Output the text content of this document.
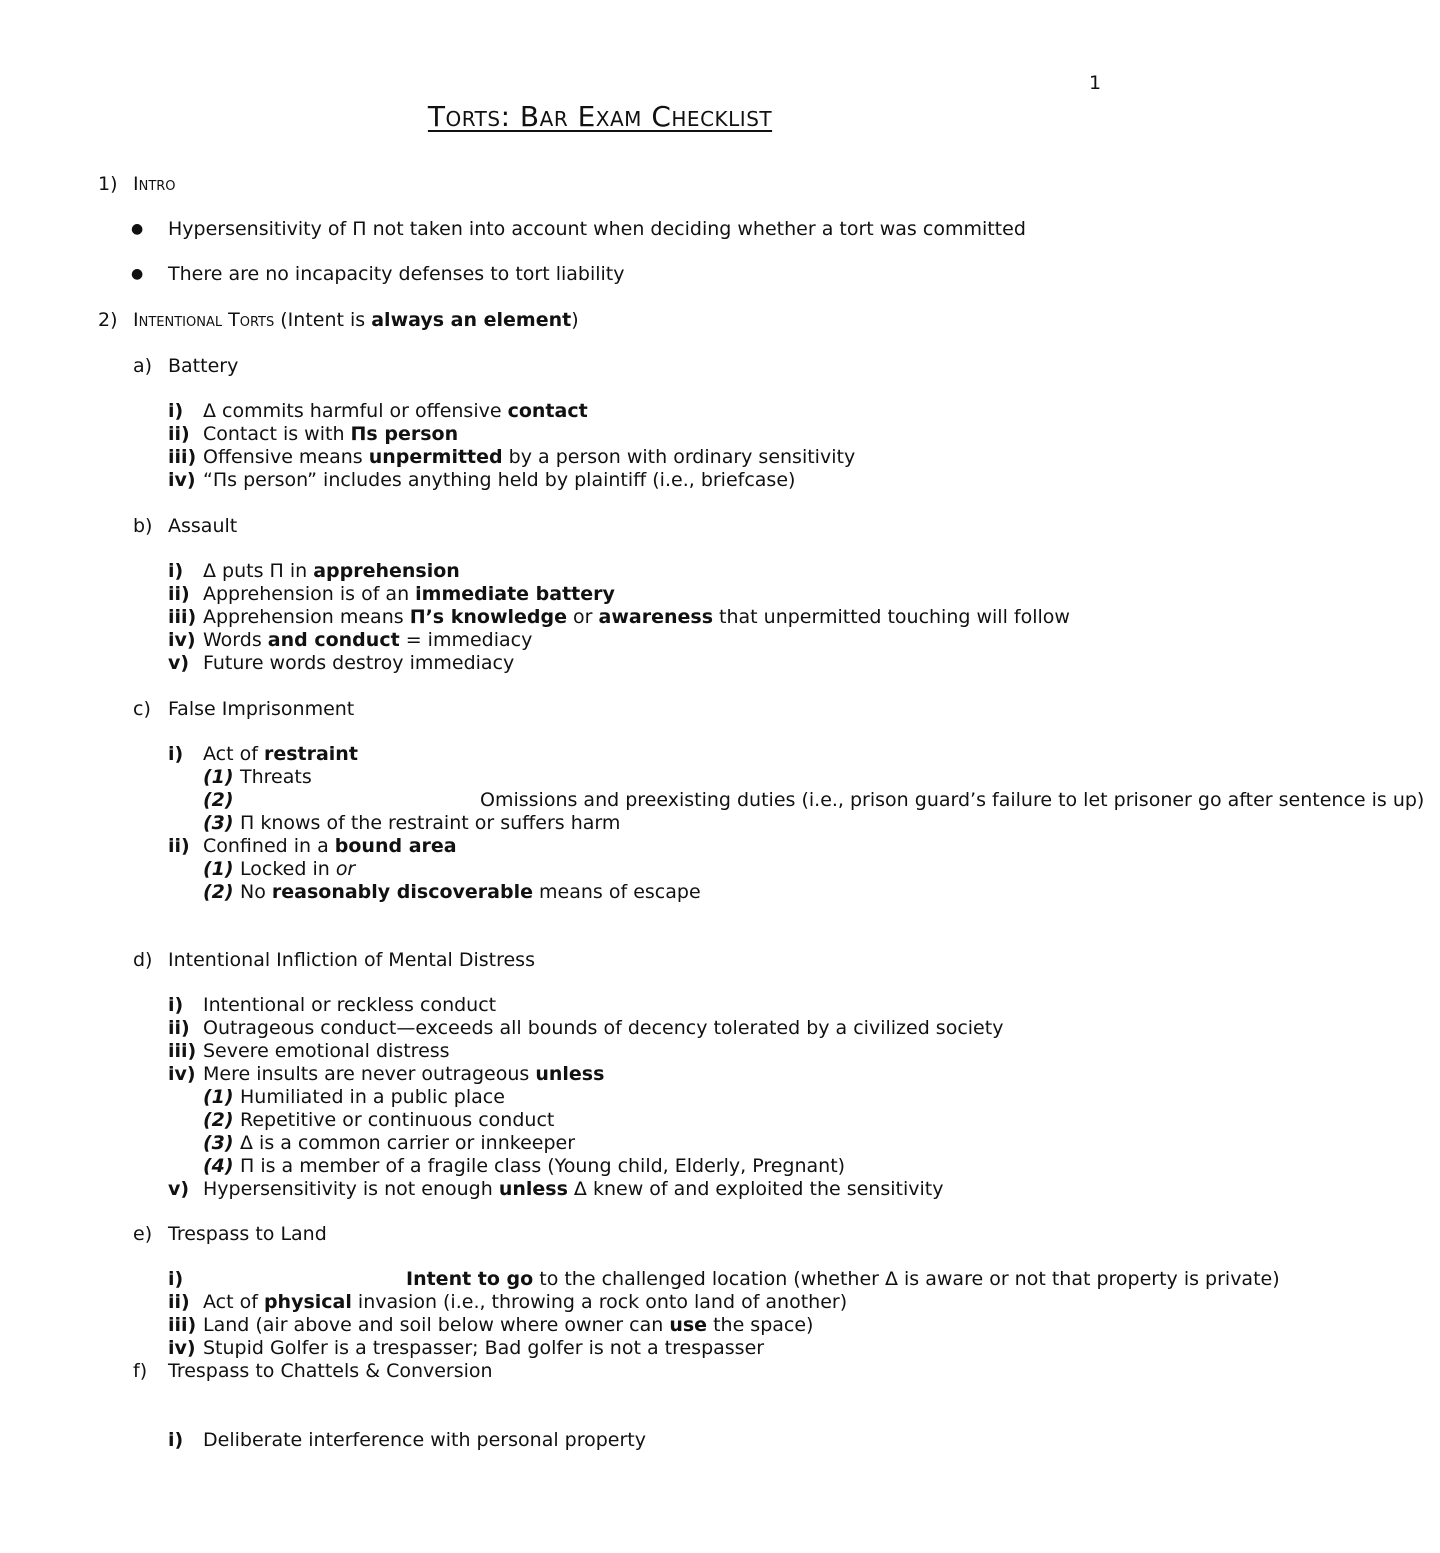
1
Torts: Bar Exam Checklist
1) Intro
● Hypersensitivity of Π not taken into account when deciding whether a tort was committed
● There are no incapacity defenses to tort liability
2) Intentional Torts (Intent is always an element)
a) Battery
i) Δ commits harmful or offensive contact
ii) Contact is with Πs person
iii) Offensive means unpermitted by a person with ordinary sensitivity
iv) “Πs person” includes anything held by plaintiff (i.e., briefcase)
b) Assault
i) Δ puts Π in apprehension
ii) Apprehension is of an immediate battery
iii) Apprehension means Π’s knowledge or awareness that unpermitted touching will follow
iv) Words and conduct = immediacy
v) Future words destroy immediacy
c) False Imprisonment
i) Act of restraint
(1) Threats
(2)	Omissions and preexisting duties (i.e., prison guard’s failure to let prisoner go after sentence is up)
(3) Π knows of the restraint or suffers harm
ii) Confined in a bound area
(1) Locked in or
(2) No reasonably discoverable means of escape
d) Intentional Infliction of Mental Distress
i) Intentional or reckless conduct
ii) Outrageous conduct—exceeds all bounds of decency tolerated by a civilized society
iii) Severe emotional distress
iv) Mere insults are never outrageous unless
(1) Humiliated in a public place
(2) Repetitive or continuous conduct
(3) Δ is a common carrier or innkeeper
(4) Π is a member of a fragile class (Young child, Elderly, Pregnant)
v) Hypersensitivity is not enough unless Δ knew of and exploited the sensitivity
e) Trespass to Land
i)	Intent to go to the challenged location (whether Δ is aware or not that property is private)
ii) Act of physical invasion (i.e., throwing a rock onto land of another)
iii) Land (air above and soil below where owner can use the space)
iv) Stupid Golfer is a trespasser; Bad golfer is not a trespasser
f) Trespass to Chattels & Conversion
i) Deliberate interference with personal property
